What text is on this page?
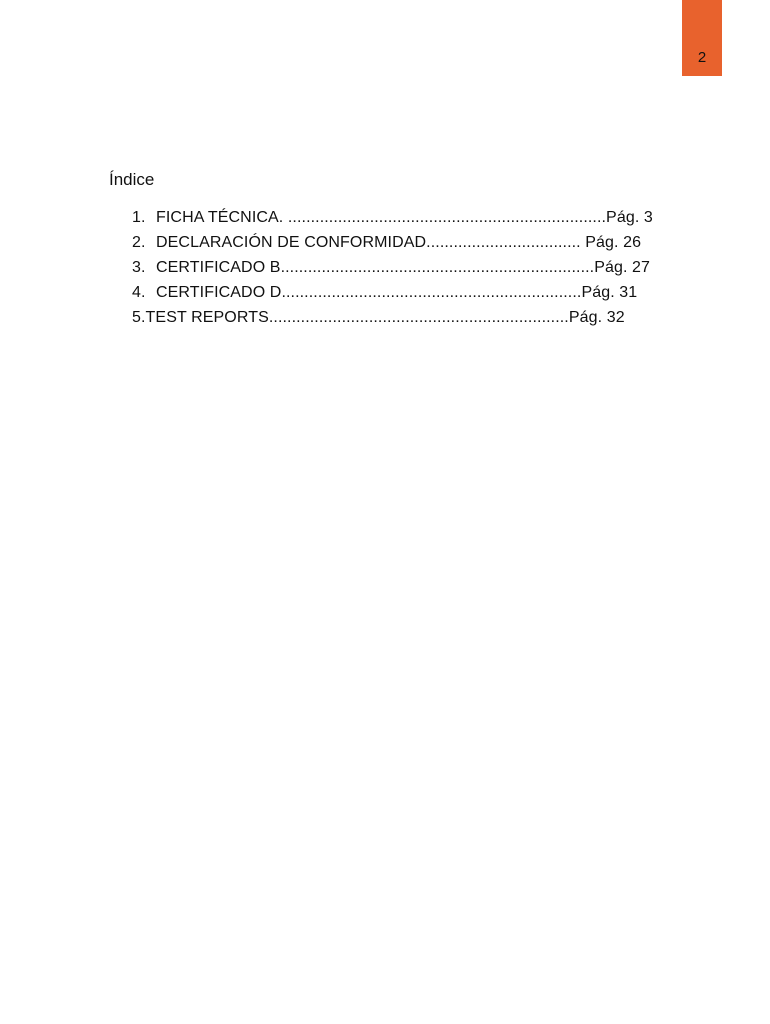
2
Índice
1. FICHA TÉCNICA. ......................................................................Pág. 3
2. DECLARACIÓN DE CONFORMIDAD.................................. Pág. 26
3. CERTIFICADO B.....................................................................Pág. 27
4. CERTIFICADO D..................................................................Pág. 31
5.TEST REPORTS..................................................................Pág. 32
